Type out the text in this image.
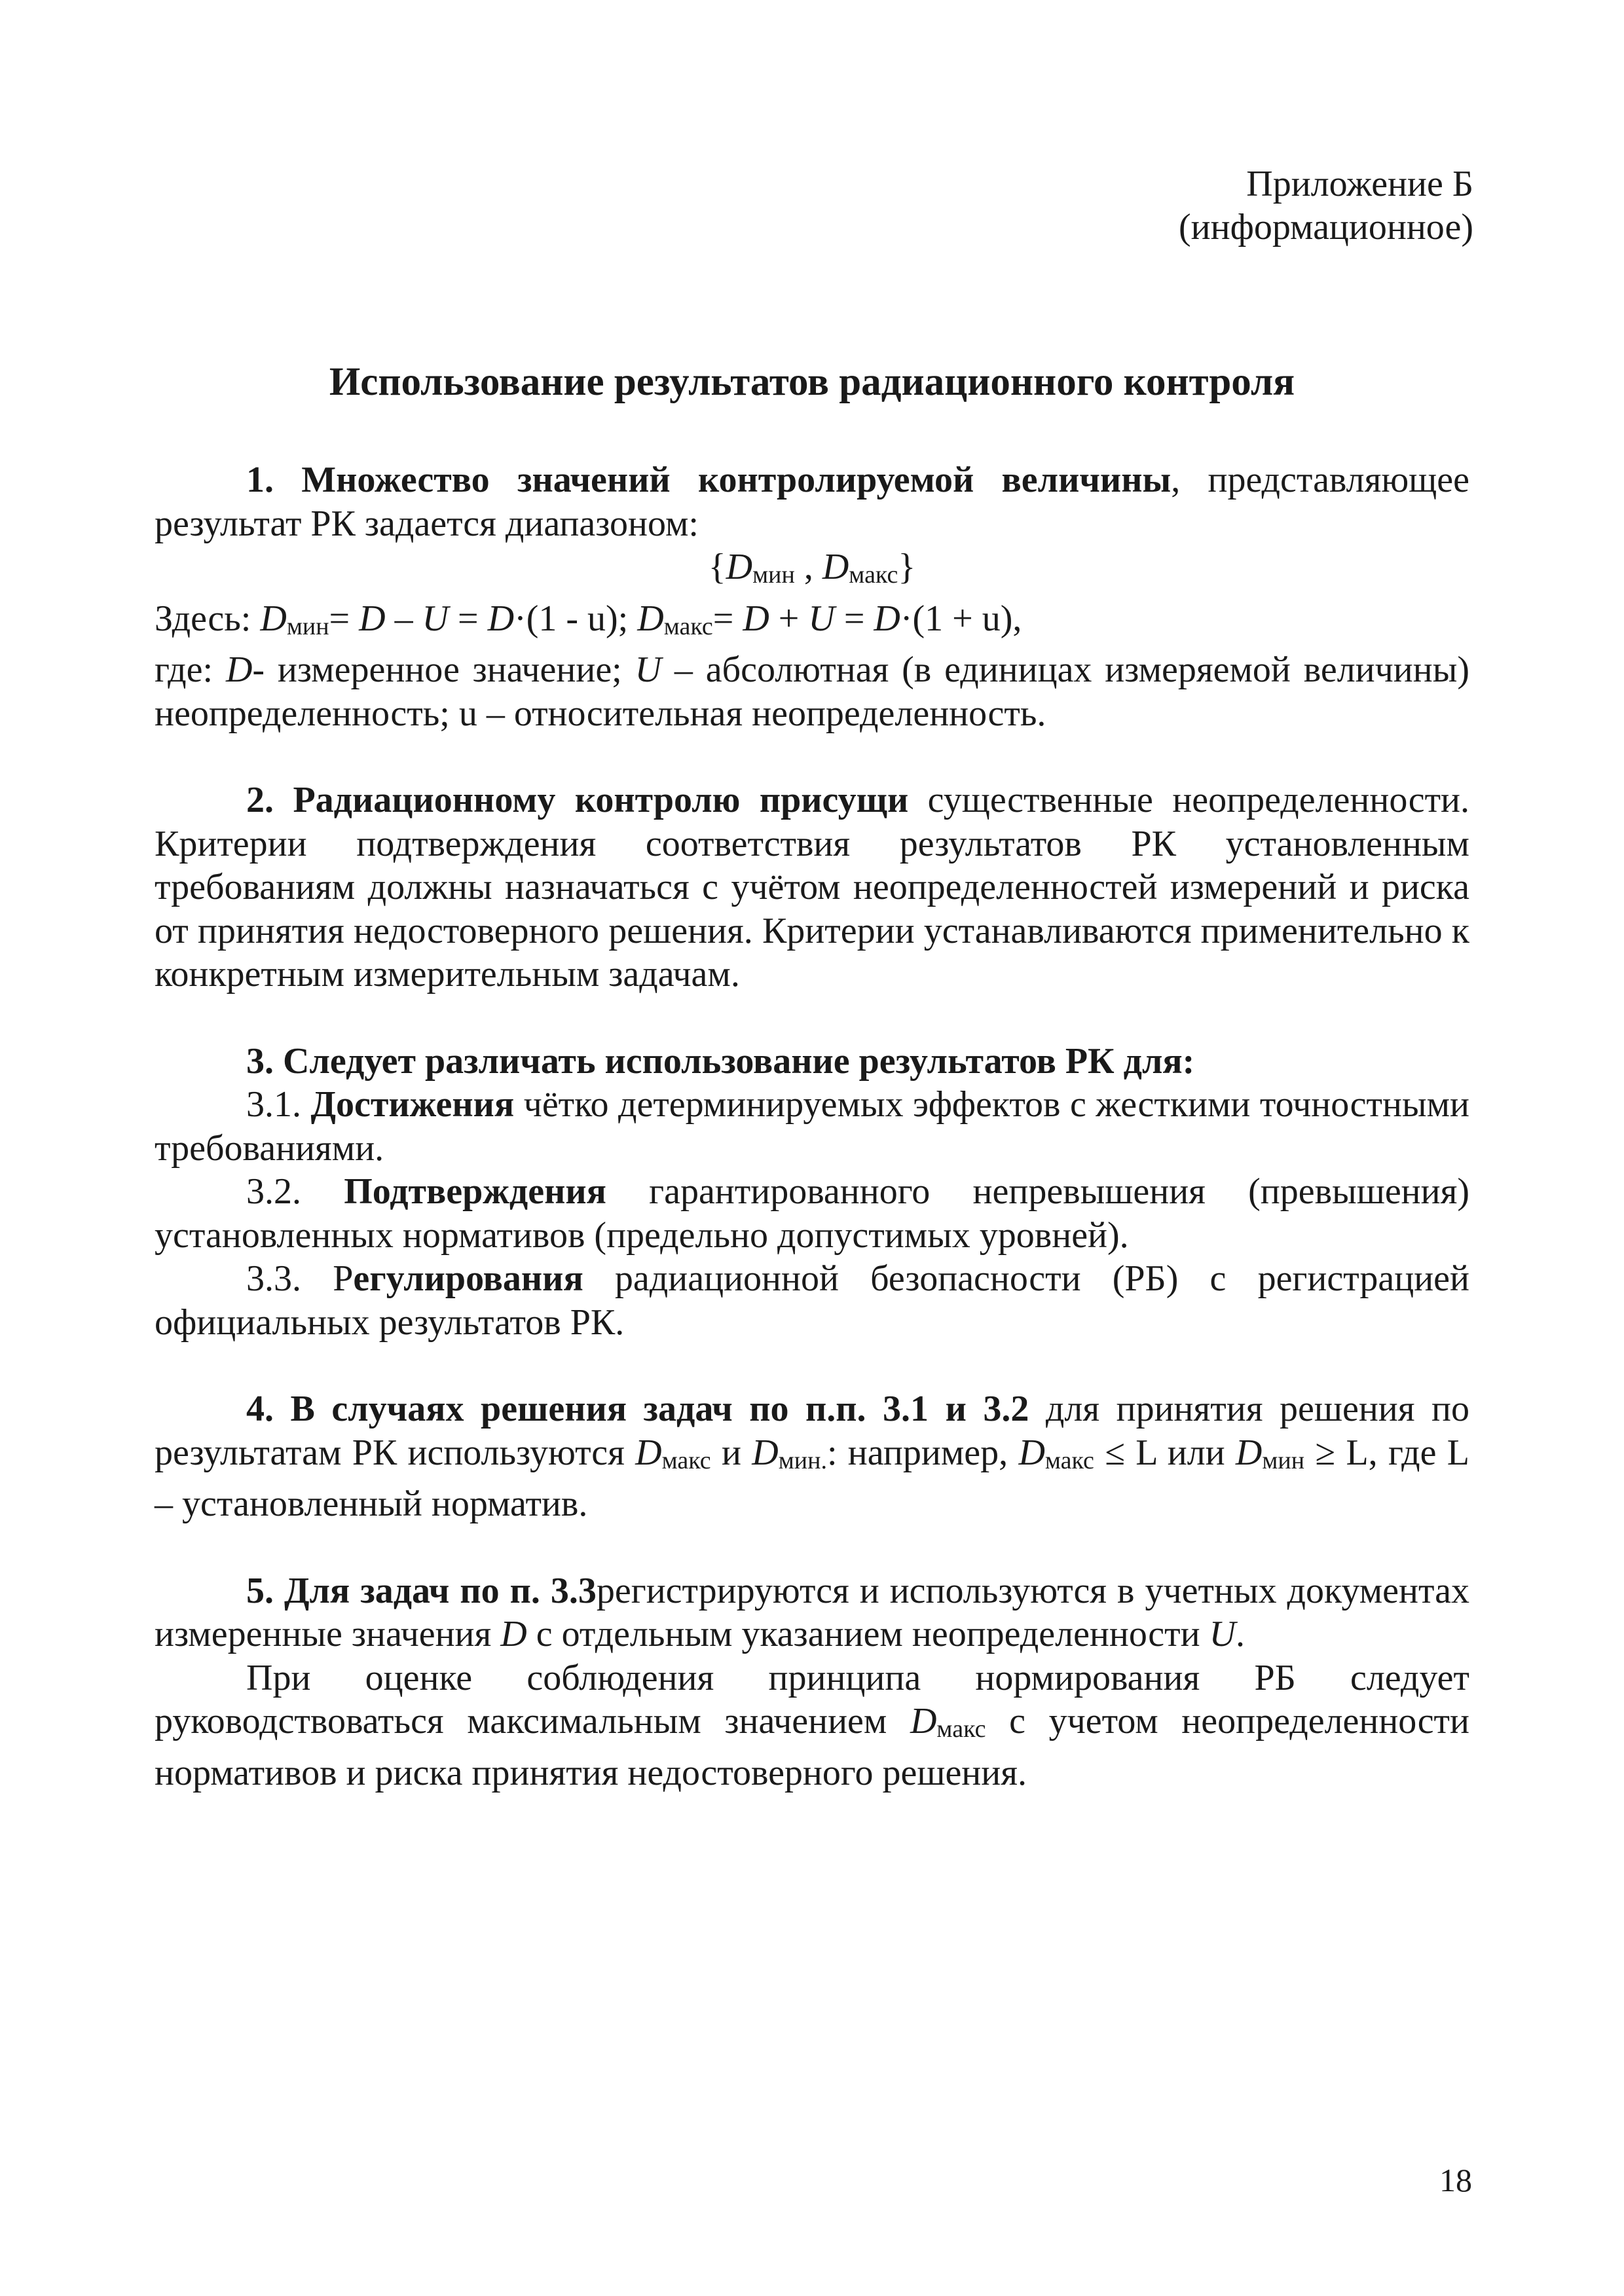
Приложение Б
(информационное)
Использование результатов радиационного контроля

1. Множество значений контролируемой величины, представляющее результат РК задается диапазоном:

{Dмин , Dмакс}

Здесь: Dмин= D – U = D·(1 - u); Dмакс= D + U = D·(1 + u),

где: D- измеренное значение; U – абсолютная (в единицах измеряемой величины) неопределенность; u – относительная неопределенность.

2. Радиационному контролю присущи существенные неопределенности. Критерии подтверждения соответствия результатов РК установленным требованиям должны назначаться с учётом неопределенностей измерений и риска от принятия недостоверного решения. Критерии устанавливаются применительно к конкретным измерительным задачам.

3. Следует различать использование результатов РК для:

3.1. Достижения чётко детерминируемых эффектов с жесткими точностными требованиями.

3.2. Подтверждения гарантированного непревышения (превышения) установленных нормативов (предельно допустимых уровней).

3.3. Регулирования радиационной безопасности (РБ) с регистрацией официальных результатов РК.

4. В случаях решения задач по п.п. 3.1 и 3.2 для принятия решения по результатам РК используются Dмакс и Dмин.: например, Dмакс ≤ L или Dмин ≥ L, где L – установленный норматив.

5. Для задач по п. 3.3регистрируются и используются в учетных документах измеренные значения D с отдельным указанием неопределенности U.

При оценке соблюдения принципа нормирования РБ следует руководствоваться максимальным значением Dмакс с учетом неопределенности нормативов и риска принятия недостоверного решения.

18
